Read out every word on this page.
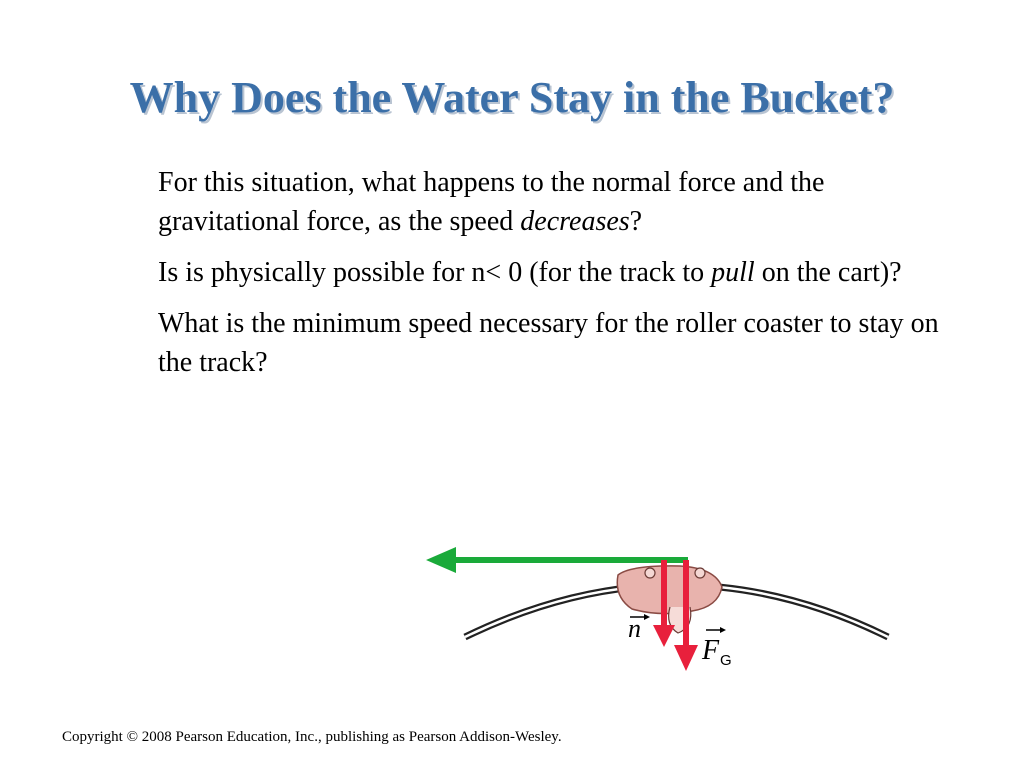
Why Does the Water Stay in the Bucket?

For this situation, what happens to the normal force and the gravitational force, as the speed decreases?

Is is physically possible for n< 0 (for the track to pull on the cart)?

What is the minimum speed necessary for the roller coaster to stay on the track?

n
F G
Copyright © 2008 Pearson Education, Inc., publishing as Pearson Addison-Wesley.
